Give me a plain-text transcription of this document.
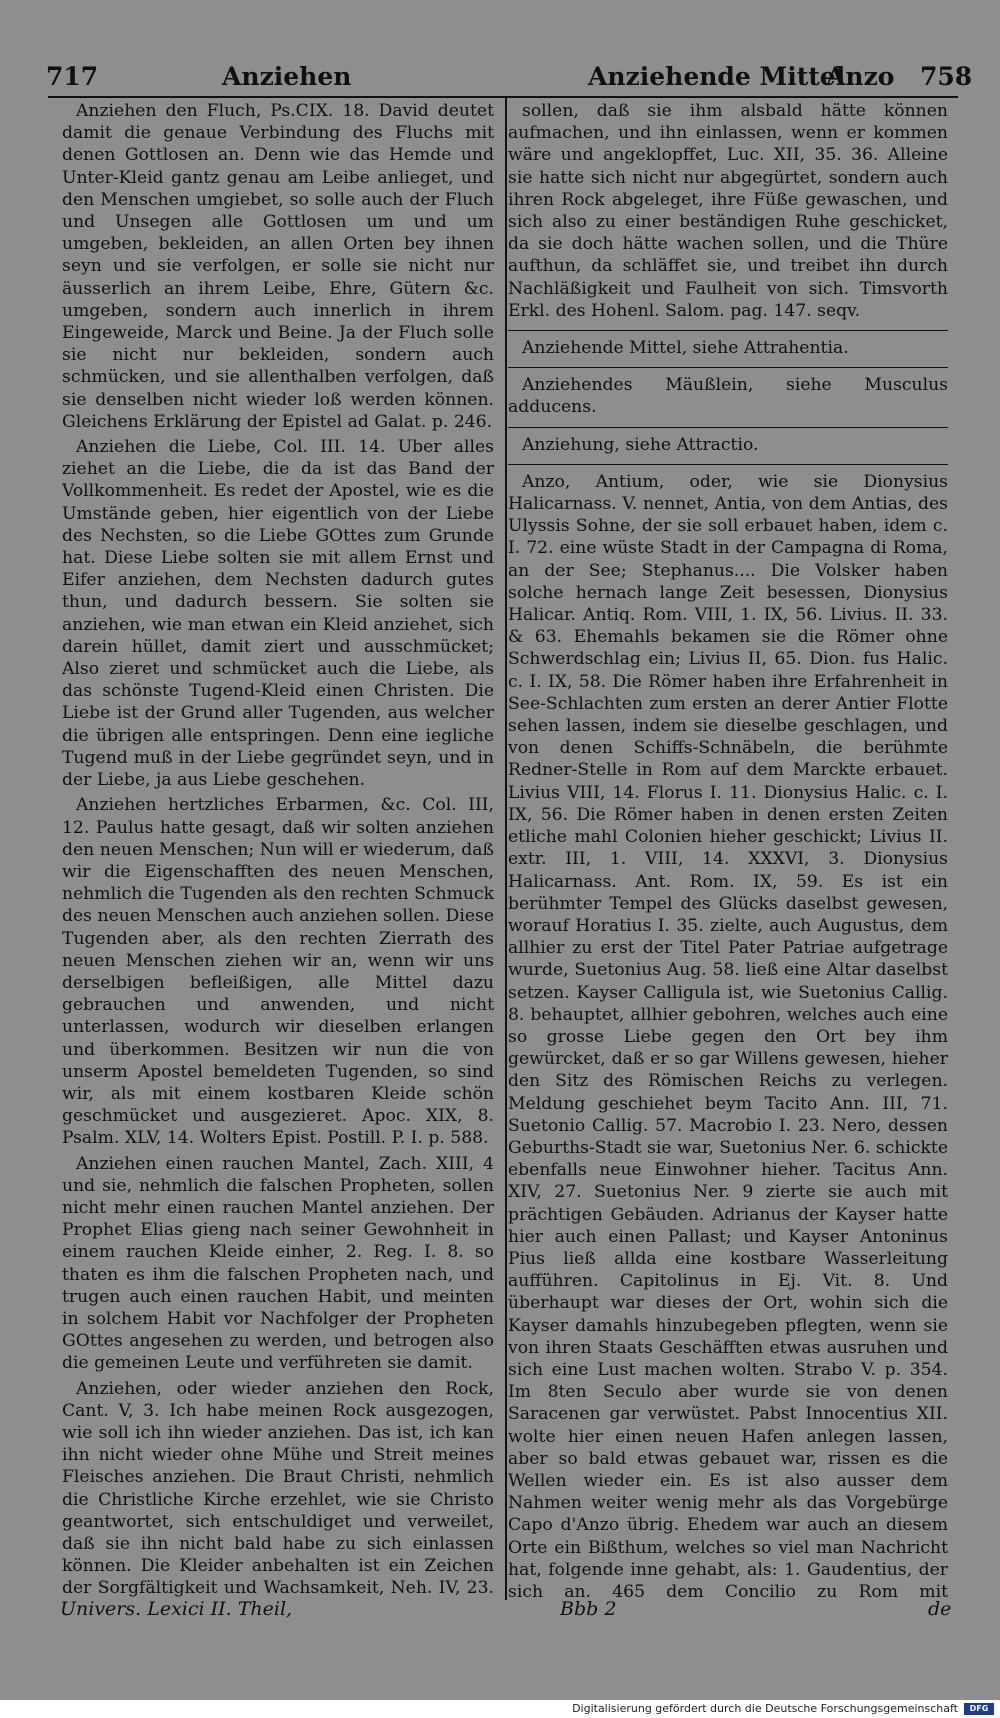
717	Anziehen	Anziehende Mittel
Anzo 758

Anziehen den Fluch, Ps.CIX. 18. David deutet damit die genaue Verbindung des Fluchs mit denen Gottlosen an. Denn wie das Hemde und Unter-Kleid gantz genau am Leibe anlieget, und den Menschen umgiebet, so solle auch der Fluch und Unsegen alle Gottlosen um und um umgeben, bekleiden, an allen Orten bey ihnen seyn und sie verfolgen, er solle sie nicht nur äusserlich an ihrem Leibe, Ehre, Gütern &c. umgeben, sondern auch innerlich in ihrem Eingeweide, Marck und Beine. Ja der Fluch solle sie nicht nur bekleiden, sondern auch schmücken, und sie allenthalben verfolgen, daß sie denselben nicht wieder loß werden können. Gleichens Erklärung der Epistel ad Galat. p. 246.

Anziehen die Liebe, Col. III. 14. Uber alles ziehet an die Liebe, die da ist das Band der Vollkommenheit. Es redet der Apostel, wie es die Umstände geben, hier eigentlich von der Liebe des Nechsten, so die Liebe GOttes zum Grunde hat. Diese Liebe solten sie mit allem Ernst und Eifer anziehen, dem Nechsten dadurch gutes thun, und dadurch bessern. Sie solten sie anziehen, wie man etwan ein Kleid anziehet, sich darein hüllet, damit ziert und ausschmücket; Also zieret und schmücket auch die Liebe, als das schönste Tugend-Kleid einen Christen. Die Liebe ist der Grund aller Tugenden, aus welcher die übrigen alle entspringen. Denn eine iegliche Tugend muß in der Liebe gegründet seyn, und in der Liebe, ja aus Liebe geschehen.

Anziehen hertzliches Erbarmen, &c. Col. III, 12. Paulus hatte gesagt, daß wir solten anziehen den neuen Menschen; Nun will er wiederum, daß wir die Eigenschafften des neuen Menschen, nehmlich die Tugenden als den rechten Schmuck des neuen Menschen auch anziehen sollen. Diese Tugenden aber, als den rechten Zierrath des neuen Menschen ziehen wir an, wenn wir uns derselbigen befleißigen, alle Mittel dazu gebrauchen und anwenden, und nicht unterlassen, wodurch wir dieselben erlangen und überkommen. Besitzen wir nun die von unserm Apostel bemeldeten Tugenden, so sind wir, als mit einem kostbaren Kleide schön geschmücket und ausgezieret. Apoc. XIX, 8. Psalm. XLV, 14. Wolters Epist. Postill. P. I. p. 588.

Anziehen einen rauchen Mantel, Zach. XIII, 4 und sie, nehmlich die falschen Propheten, sollen nicht mehr einen rauchen Mantel anziehen. Der Prophet Elias gieng nach seiner Gewohnheit in einem rauchen Kleide einher, 2. Reg. I. 8. so thaten es ihm die falschen Propheten nach, und trugen auch einen rauchen Habit, und meinten in solchem Habit vor Nachfolger der Propheten GOttes angesehen zu werden, und betrogen also die gemeinen Leute und verführeten sie damit.

Anziehen, oder wieder anziehen den Rock, Cant. V, 3. Ich habe meinen Rock ausgezogen, wie soll ich ihn wieder anziehen. Das ist, ich kan ihn nicht wieder ohne Mühe und Streit meines Fleisches anziehen. Die Braut Christi, nehmlich die Christliche Kirche erzehlet, wie sie Christo geantwortet, sich entschuldiget und verweilet, daß sie ihn nicht bald habe zu sich einlassen können. Die Kleider anbehalten ist ein Zeichen der Sorgfältigkeit und Wachsamkeit, Neh. IV, 23.

sollen, daß sie ihm alsbald hätte können aufmachen, und ihn einlassen, wenn er kommen wäre und angeklopffet, Luc. XII, 35. 36. Alleine sie hatte sich nicht nur abgegürtet, sondern auch ihren Rock abgeleget, ihre Füße gewaschen, und sich also zu einer beständigen Ruhe geschicket, da sie doch hätte wachen sollen, und die Thüre aufthun, da schläffet sie, und treibet ihn durch Nachläßigkeit und Faulheit von sich. Timsvorth Erkl. des Hohenl. Salom. pag. 147. seqv.

Anziehende Mittel, siehe Attrahentia.

Anziehendes Mäußlein, siehe Musculus adducens.

Anziehung, siehe Attractio.

Anzo, Antium, oder, wie sie Dionysius Halicarnass. V. nennet, Antia, von dem Antias, des Ulyssis Sohne, der sie soll erbauet haben, idem c. I. 72. eine wüste Stadt in der Campagna di Roma, an der See; Stephanus.... Die Volsker haben solche hernach lange Zeit besessen, Dionysius Halicar. Antiq. Rom. VIII, 1. IX, 56. Livius. II. 33. & 63. Ehemahls bekamen sie die Römer ohne Schwerdschlag ein; Livius II, 65. Dion. fus Halic. c. I. IX, 58. Die Römer haben ihre Erfahrenheit in See-Schlachten zum ersten an derer Antier Flotte sehen lassen, indem sie dieselbe geschlagen, und von denen Schiffs-Schnäbeln, die berühmte Redner-Stelle in Rom auf dem Marckte erbauet. Livius VIII, 14. Florus I. 11. Dionysius Halic. c. I. IX, 56. Die Römer haben in denen ersten Zeiten etliche mahl Colonien hieher geschickt; Livius II. extr. III, 1. VIII, 14. XXXVI, 3. Dionysius Halicarnass. Ant. Rom. IX, 59. Es ist ein berühmter Tempel des Glücks daselbst gewesen, worauf Horatius I. 35. zielte, auch Augustus, dem allhier zu erst der Titel Pater Patriae aufgetrage wurde, Suetonius Aug. 58. ließ eine Altar daselbst setzen. Kayser Calligula ist, wie Suetonius Callig. 8. behauptet, allhier gebohren, welches auch eine so grosse Liebe gegen den Ort bey ihm gewürcket, daß er so gar Willens gewesen, hieher den Sitz des Römischen Reichs zu verlegen. Meldung geschiehet beym Tacito Ann. III, 71. Suetonio Callig. 57. Macrobio I. 23. Nero, dessen Geburths-Stadt sie war, Suetonius Ner. 6. schickte ebenfalls neue Einwohner hieher. Tacitus Ann. XIV, 27. Suetonius Ner. 9 zierte sie auch mit prächtigen Gebäuden. Adrianus der Kayser hatte hier auch einen Pallast; und Kayser Antoninus Pius ließ allda eine kostbare Wasserleitung aufführen. Capitolinus in Ej. Vit. 8. Und überhaupt war dieses der Ort, wohin sich die Kayser damahls hinzubegeben pflegten, wenn sie von ihren Staats Geschäfften etwas ausruhen und sich eine Lust machen wolten. Strabo V. p. 354. Im 8ten Seculo aber wurde sie von denen Saracenen gar verwüstet. Pabst Innocentius XII. wolte hier einen neuen Hafen anlegen lassen, aber so bald etwas gebauet war, rissen es die Wellen wieder ein. Es ist also ausser dem Nahmen weiter wenig mehr als das Vorgebürge Capo d'Anzo übrig. Ehedem war auch an diesem Orte ein Bißthum, welches so viel man Nachricht hat, folgende inne gehabt, als: 1. Gaudentius, der sich an. 465 dem Concilio zu Rom mit

Univers. Lexici II. Theil,	Bbb 2	de
Digitalisierung gefördert durch die Deutsche Forschungsgemeinschaft	DFG
